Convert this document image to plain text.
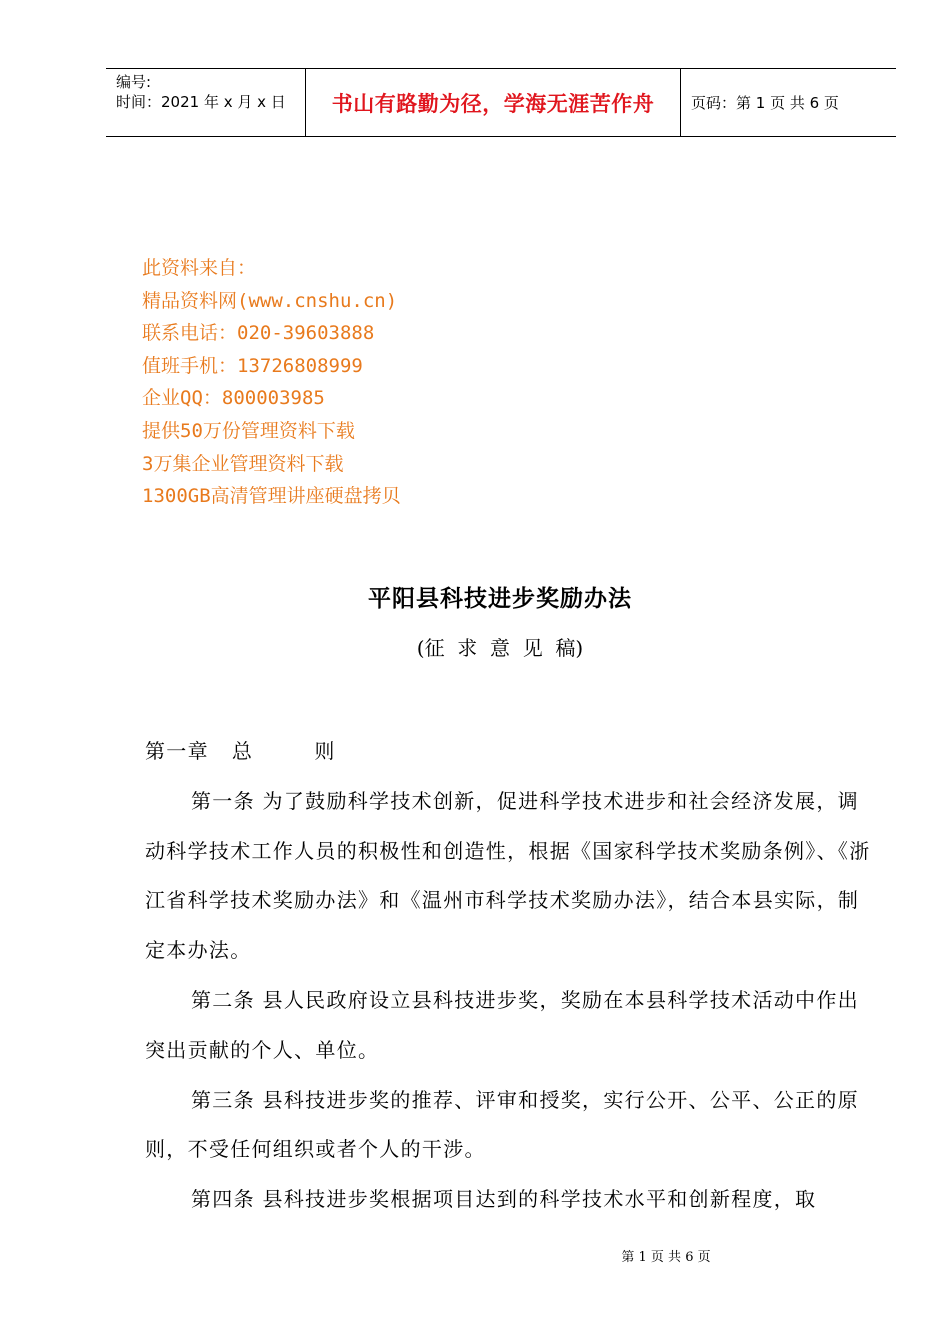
编号:
时间：2021 年 x 月 x 日	书山有路勤为径，学海无涯苦作舟	页码：第 1 页 共 6 页
此资料来自：
精品资料网(www.cnshu.cn)
联系电话：020-39603888
值班手机：13726808999
企业QQ：800003985
提供50万份管理资料下载
3万集企业管理资料下载
1300GB高清管理讲座硬盘拷贝
平阳县科技进步奖励办法
(征  求  意  见  稿)

第一章   总        则

第一条 为了鼓励科学技术创新，促进科学技术进步和社会经济发展，调动科学技术工作人员的积极性和创造性，根据《国家科学技术奖励条例》、《浙江省科学技术奖励办法》和《温州市科学技术奖励办法》，结合本县实际，制定本办法。

第二条 县人民政府设立县科技进步奖，奖励在本县科学技术活动中作出突出贡献的个人、单位。

第三条 县科技进步奖的推荐、评审和授奖，实行公开、公平、公正的原则，不受任何组织或者个人的干涉。

第四条 县科技进步奖根据项目达到的科学技术水平和创新程度，取

第 1 页 共 6 页
